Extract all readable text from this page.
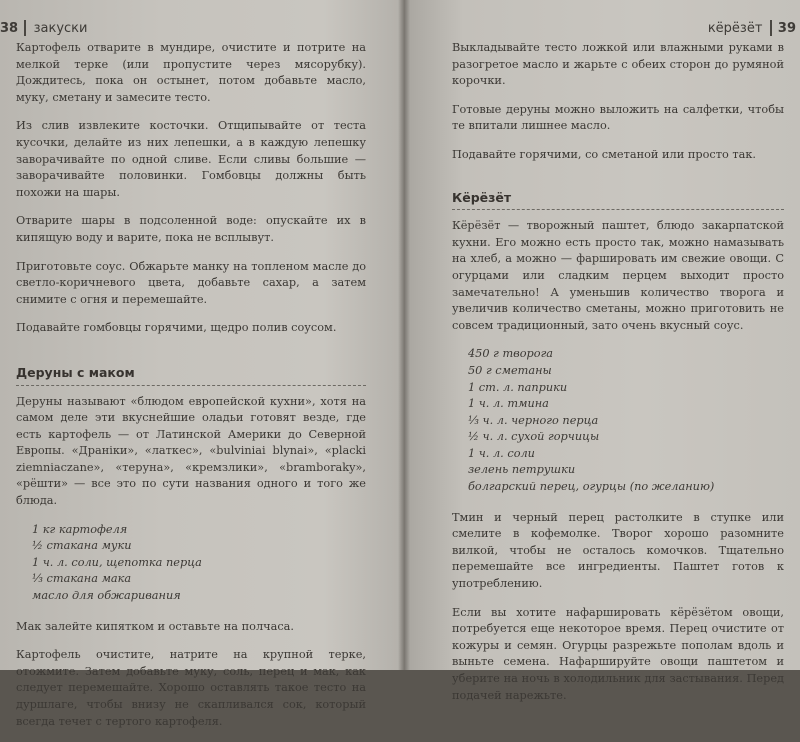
38 закуски

Картофель отварите в мундире, очистите и потрите на мелкой терке (или пропустите через мясорубку). Дождитесь, пока он остынет, потом добавьте масло, муку, сметану и замесите тесто.

Из слив извлеките косточки. Отщипывайте от теста кусочки, делайте из них лепешки, а в каждую лепешку заворачивайте по одной сливе. Если сливы большие — заворачивайте половинки. Гомбовцы должны быть похожи на шары.

Отварите шары в подсоленной воде: опускайте их в кипящую воду и варите, пока не всплывут.

Приготовьте соус. Обжарьте манку на топленом масле до светло-коричневого цвета, добавьте сахар, а затем снимите с огня и перемешайте.

Подавайте гомбовцы горячими, щедро полив соусом.

Деруны с маком

Деруны называют «блюдом европейской кухни», хотя на самом деле эти вкуснейшие оладьи готовят везде, где есть картофель — от Латинской Америки до Северной Европы. «Драніки», «латкес», «bulviniai blynai», «placki ziemniaczane», «теруна», «кремзлики», «bramboraky», «рёшти» — все это по сути названия одного и того же блюда.

1 кг картофеля
½ стакана муки
1 ч. л. соли, щепотка перца
⅓ стакана мака
масло для обжаривания

Мак залейте кипятком и оставьте на полчаса.

Картофель очистите, натрите на крупной терке, отожмите. Затем добавьте муку, соль, перец и мак, как следует перемешайте. Хорошо оставлять такое тесто на дуршлаге, чтобы внизу не скапливался сок, который всегда течет с тертого картофеля.

кёрёзёт 39

Выкладывайте тесто ложкой или влажными руками в разогретое масло и жарьте с обеих сторон до румяной корочки.

Готовые деруны можно выложить на салфетки, чтобы те впитали лишнее масло.

Подавайте горячими, со сметаной или просто так.

Кёрёзёт

Кёрёзёт — творожный паштет, блюдо закарпатской кухни. Его можно есть просто так, можно намазывать на хлеб, а можно — фаршировать им свежие овощи. С огурцами или сладким перцем выходит просто замечательно! А уменьшив количество творога и увеличив количество сметаны, можно приготовить не совсем традиционный, зато очень вкусный соус.

450 г творога
50 г сметаны
1 ст. л. паприки
1 ч. л. тмина
⅓ ч. л. черного перца
½ ч. л. сухой горчицы
1 ч. л. соли
зелень петрушки
болгарский перец, огурцы (по желанию)

Тмин и черный перец растолките в ступке или смелите в кофемолке. Творог хорошо разомните вилкой, чтобы не осталось комочков. Тщательно перемешайте все ингредиенты. Паштет готов к употреблению.

Если вы хотите нафаршировать кёрёзётом овощи, потребуется еще некоторое время. Перец очистите от кожуры и семян. Огурцы разрежьте пополам вдоль и выньте семена. Нафаршируйте овощи паштетом и уберите на ночь в холодильник для застывания. Перед подачей нарежьте.
